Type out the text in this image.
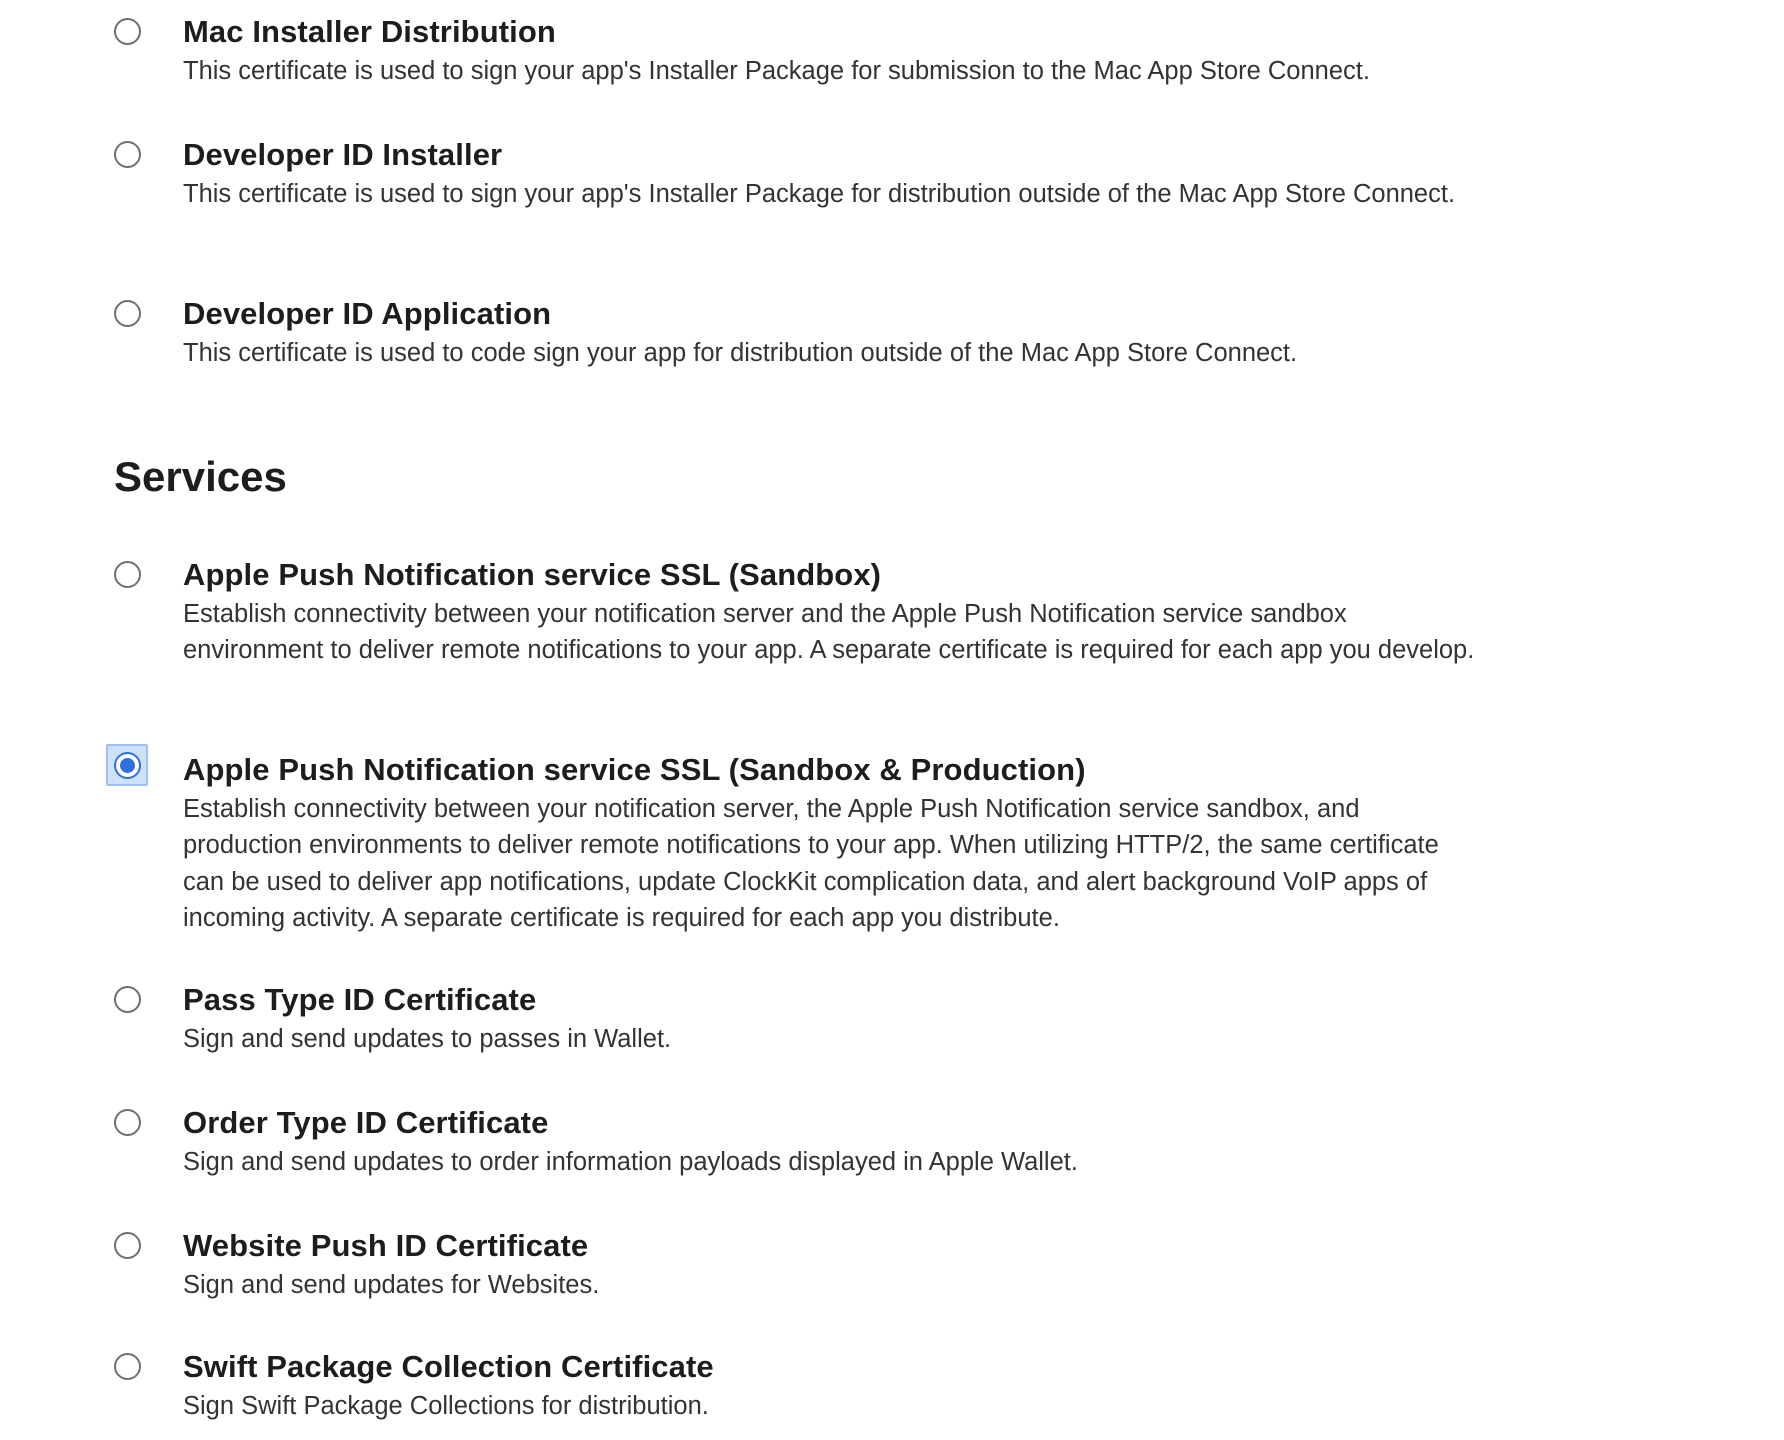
Mac Installer Distribution

This certificate is used to sign your app's Installer Package for submission to the Mac App Store Connect.

Developer ID Installer

This certificate is used to sign your app's Installer Package for distribution outside of the Mac App Store Connect.

Developer ID Application

This certificate is used to code sign your app for distribution outside of the Mac App Store Connect.

Services
Apple Push Notification service SSL (Sandbox)

Establish connectivity between your notification server and the Apple Push Notification service sandbox environment to deliver remote notifications to your app. A separate certificate is required for each app you develop.

Apple Push Notification service SSL (Sandbox & Production)

Establish connectivity between your notification server, the Apple Push Notification service sandbox, and production environments to deliver remote notifications to your app. When utilizing HTTP/2, the same certificate can be used to deliver app notifications, update ClockKit complication data, and alert background VoIP apps of incoming activity. A separate certificate is required for each app you distribute.

Pass Type ID Certificate

Sign and send updates to passes in Wallet.

Order Type ID Certificate

Sign and send updates to order information payloads displayed in Apple Wallet.

Website Push ID Certificate

Sign and send updates for Websites.

Swift Package Collection Certificate

Sign Swift Package Collections for distribution.
